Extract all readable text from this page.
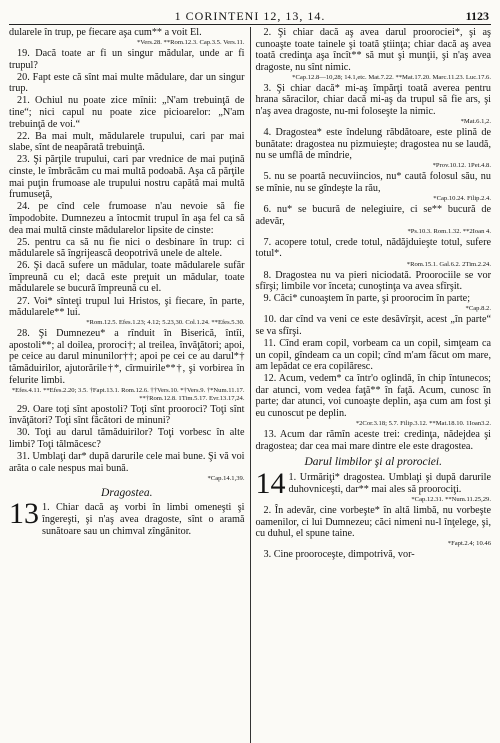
1 CORINTENI 12, 13, 14.	1123

dularele în trup, pe fiecare aşa cum** a voit El.

*Vers.28. **Rom.12.3. Cap.3.5. Vers.11.

19. Dacă toate ar fi un singur mădular, unde ar fi trupul?

20. Fapt este că sînt mai multe mădulare, dar un singur trup.

21. Ochiul nu poate zice mînii: „N'am trebuinţă de tine“; nici capul nu poate zice picioarelor: „N'am trebuinţă de voi.“

22. Ba mai mult, mădularele trupului, cari par mai slabe, sînt de neapărată trebuinţă.

23. Şi părţile trupului, cari par vrednice de mai puţină cinste, le îmbrăcăm cu mai multă podoabă. Aşa că părţile mai puţin frumoase ale trupului nostru capătă mai multă frumuseţă,

24. pe cînd cele frumoase n'au nevoie să fie împodobite. Dumnezeu a întocmit trupul în aşa fel ca să dea mai multă cinste mădularelor lipsite de cinste:

25. pentru ca să nu fie nici o desbinare în trup: ci mădularele să îngrijească deopotrivă unele de altele.

26. Şi dacă sufere un mădular, toate mădularele sufăr împreună cu el; dacă este preţuit un mădular, toate mădularele se bucură împreună cu el.

27. Voi* sînteţi trupul lui Hristos, şi fiecare, în parte, mădularele** lui.

*Rom.12.5. Efes.1.23; 4.12; 5.23,30. Col.1.24. **Efes.5.30.

28. Şi Dumnezeu* a rînduit în Biserică, întîi, apostoli**; al doilea, proroci†; al treilea, învăţători; apoi, pe ceice au darul minunilor††; apoi pe cei ce au darul*† tămăduirilor, ajutorările†*, cîrmuirile**†, şi vorbirea în felurite limbi.

*Efes.4.11. **Efes.2.20; 3.5. †Fapt.13.1. Rom.12.6. ††Vers.10. *†Vers.9. †*Num.11.17. **†Rom.12.8. 1Tim.5.17. Evr.13.17,24.

29. Oare toţi sînt apostoli? Toţi sînt prooroci? Toţi sînt învăţători? Toţi sînt făcători de minuni?

30. Toţi au darul tămăduirilor? Toţi vorbesc în alte limbi? Toţi tălmăcesc?

31. Umblaţi dar* după darurile cele mai bune. Şi vă voi arăta o cale nespus mai bună.

*Cap.14.1,39.

Dragostea.
13 1. Chiar dacă aş vorbi în limbi omeneşti şi îngereşti, şi n'aş avea dragoste, sînt o aramă sunătoare sau un chimval zîngănitor.

2. Şi chiar dacă aş avea darul proorociei*, şi aş cunoaşte toate tainele şi toată ştiinţa; chiar dacă aş avea toată credinţa aşa încît** să mut şi munţii, şi n'aş avea dragoste, nu sînt nimic.

*Cap.12.8—10,28; 14.1,etc. Mat.7.22. **Mat.17.20. Marc.11.23. Luc.17.6.

3. Şi chiar dacă* mi-aş împărţi toată averea pentru hrana săracilor, chiar dacă mi-aş da trupul să fie ars, şi n'aş avea dragoste, nu-mi foloseşte la nimic.

*Mat.6.1,2.

4. Dragostea* este îndelung răbdătoare, este plină de bunătate: dragostea nu pizmuieşte; dragostea nu se laudă, nu se umflă de mîndrie,

*Prov.10.12. 1Pet.4.8.

5. nu se poartă necuviincios, nu* caută folosul său, nu se mînie, nu se gîndeşte la rău,

*Cap.10.24. Filip.2.4.

6. nu* se bucură de nelegiuire, ci se** bucură de adevăr,

*Ps.10.3. Rom.1.32. **2Ioan 4.

7. acopere totul, crede totul, nădăjduieşte totul, sufere totul*.

*Rom.15.1. Gal.6.2. 2Tim.2.24.

8. Dragostea nu va pieri niciodată. Proorociile se vor sfîrşi; limbile vor înceta; cunoştinţa va avea sfîrşit.

9. Căci* cunoaştem în parte, şi proorocim în parte;

*Cap.8.2.

10. dar cînd va veni ce este desăvîrşit, acest „în parte“ se va sfîrşi.

11. Cînd eram copil, vorbeam ca un copil, simţeam ca un copil, gîndeam ca un copil; cînd m'am făcut om mare, am lepădat ce era copilăresc.

12. Acum, vedem* ca într'o oglindă, în chip întunecos; dar atunci, vom vedea faţă** în faţă. Acum, cunosc în parte; dar atunci, voi cunoaşte deplin, aşa cum am fost şi eu cunoscut pe deplin.

*2Cor.3.18; 5.7. Filip.3.12. **Mat.18.10. 1Ioan3.2.

13. Acum dar rămîn aceste trei: credinţa, nădejdea şi dragostea; dar cea mai mare dintre ele este dragostea.

Darul limbilor şi al prorociei.
14 1. Urmăriţi* dragostea. Umblaţi şi după darurile duhovniceşti, dar** mai ales să proorociţi.

*Cap.12.31. **Num.11.25,29.

2. În adevăr, cine vorbeşte* în altă limbă, nu vorbeşte oamenilor, ci lui Dumnezeu; căci nimeni nu-l înţelege, şi, cu duhul, el spune taine.

*Fapt.2.4; 10.46

3. Cine prooroceşte, dimpotrivă, vor-
